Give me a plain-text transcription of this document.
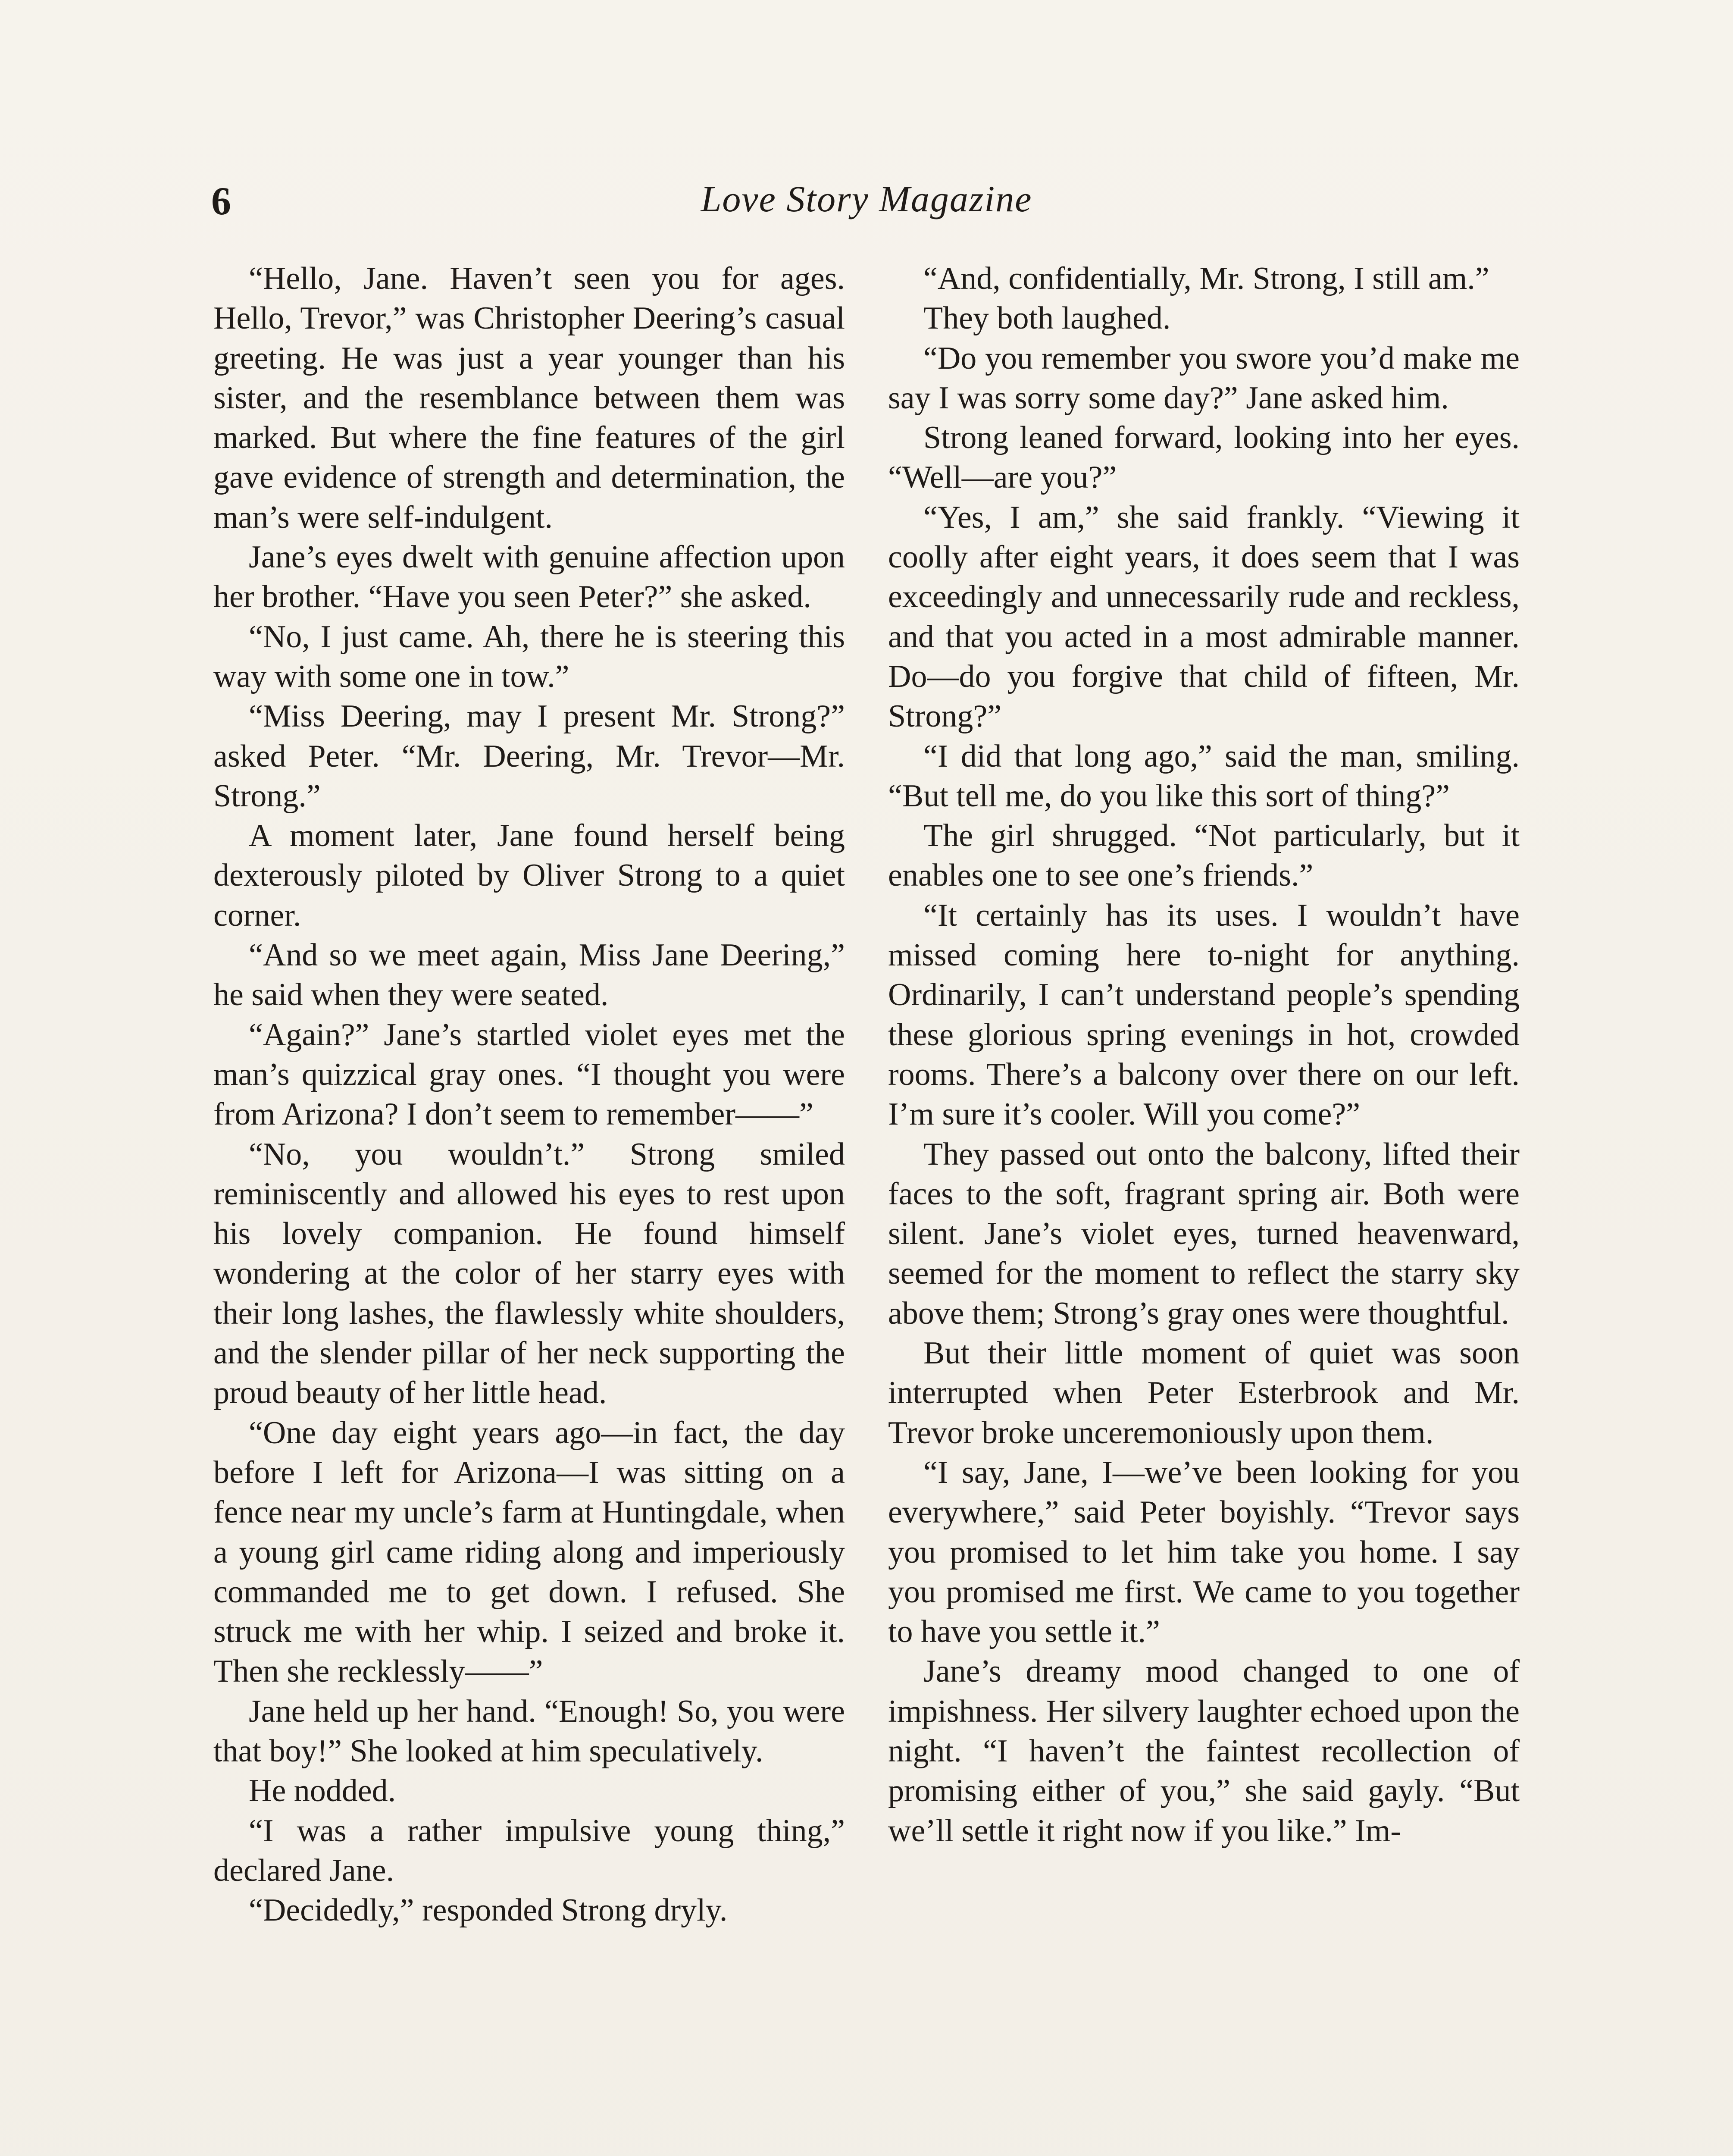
6	Love Story Magazine

“Hello, Jane. Haven’t seen you for ages. Hello, Trevor,” was Christopher Deering’s casual greeting. He was just a year younger than his sister, and the resemblance between them was marked. But where the fine features of the girl gave evidence of strength and determination, the man’s were self-indulgent.

Jane’s eyes dwelt with genuine affection upon her brother. “Have you seen Peter?” she asked.

“No, I just came. Ah, there he is steering this way with some one in tow.”

“Miss Deering, may I present Mr. Strong?” asked Peter. “Mr. Deering, Mr. Trevor—Mr. Strong.”

A moment later, Jane found herself being dexterously piloted by Oliver Strong to a quiet corner.

“And so we meet again, Miss Jane Deering,” he said when they were seated.

“Again?” Jane’s startled violet eyes met the man’s quizzical gray ones. “I thought you were from Arizona? I don’t seem to remember——”

“No, you wouldn’t.” Strong smiled reminiscently and allowed his eyes to rest upon his lovely companion. He found himself wondering at the color of her starry eyes with their long lashes, the flawlessly white shoulders, and the slender pillar of her neck supporting the proud beauty of her little head.

“One day eight years ago—in fact, the day before I left for Arizona—I was sitting on a fence near my uncle’s farm at Huntingdale, when a young girl came riding along and imperiously commanded me to get down. I refused. She struck me with her whip. I seized and broke it. Then she recklessly——”

Jane held up her hand. “Enough! So, you were that boy!” She looked at him speculatively.

He nodded.

“I was a rather impulsive young thing,” declared Jane.

“Decidedly,” responded Strong dryly.

“And, confidentially, Mr. Strong, I still am.”

They both laughed.

“Do you remember you swore you’d make me say I was sorry some day?” Jane asked him.

Strong leaned forward, looking into her eyes. “Well—are you?”

“Yes, I am,” she said frankly. “Viewing it coolly after eight years, it does seem that I was exceedingly and unnecessarily rude and reckless, and that you acted in a most admirable manner. Do—do you forgive that child of fifteen, Mr. Strong?”

“I did that long ago,” said the man, smiling. “But tell me, do you like this sort of thing?”

The girl shrugged. “Not particularly, but it enables one to see one’s friends.”

“It certainly has its uses. I wouldn’t have missed coming here to-night for anything. Ordinarily, I can’t understand people’s spending these glorious spring evenings in hot, crowded rooms. There’s a balcony over there on our left. I’m sure it’s cooler. Will you come?”

They passed out onto the balcony, lifted their faces to the soft, fragrant spring air. Both were silent. Jane’s violet eyes, turned heavenward, seemed for the moment to reflect the starry sky above them; Strong’s gray ones were thoughtful.

But their little moment of quiet was soon interrupted when Peter Esterbrook and Mr. Trevor broke unceremoniously upon them.

“I say, Jane, I—we’ve been looking for you everywhere,” said Peter boyishly. “Trevor says you promised to let him take you home. I say you promised me first. We came to you together to have you settle it.”

Jane’s dreamy mood changed to one of impishness. Her silvery laughter echoed upon the night. “I haven’t the faintest recollection of promising either of you,” she said gayly. “But we’ll settle it right now if you like.” Im-
